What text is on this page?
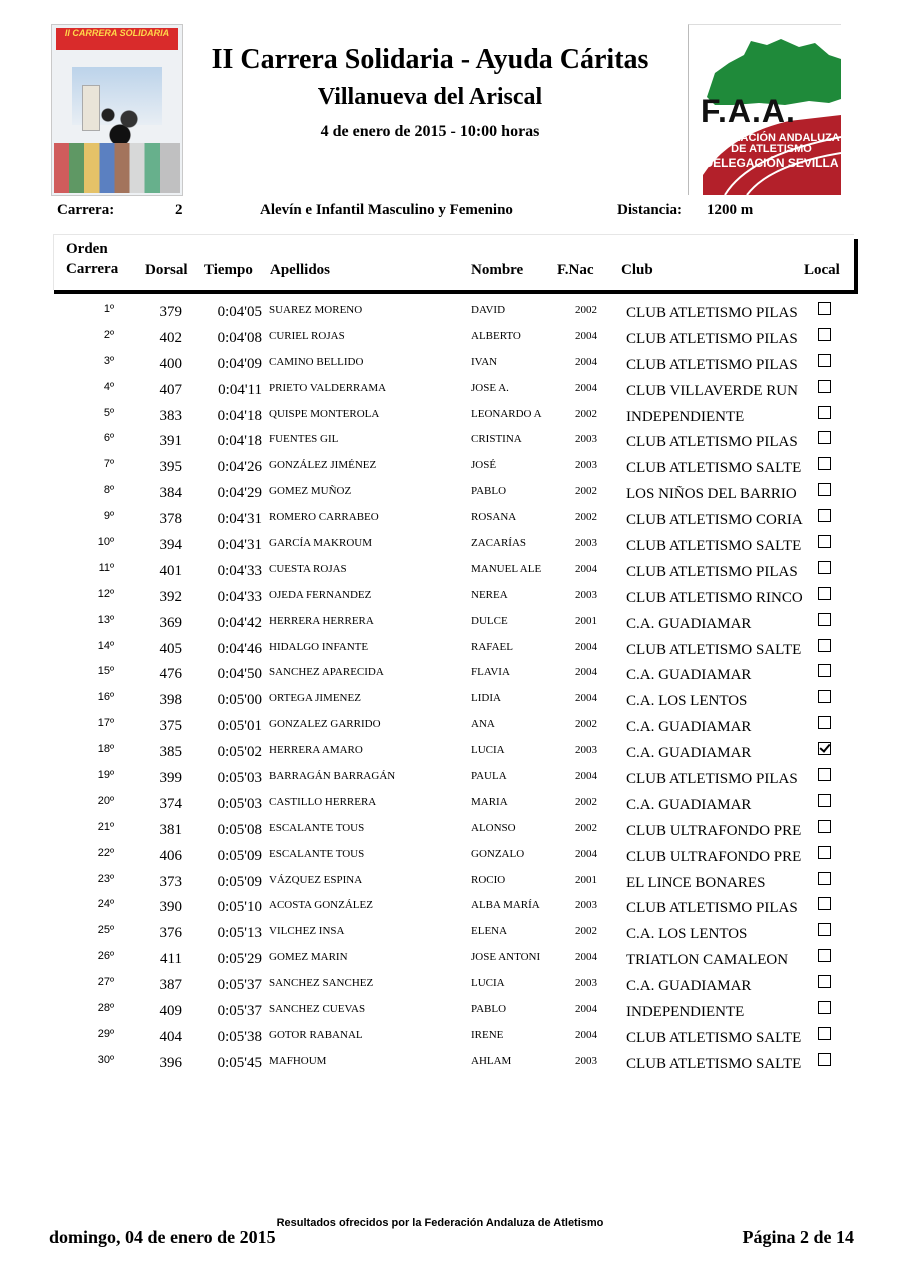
II CARRERA SOLIDARIA
II Carrera Solidaria - Ayuda Cáritas
Villanueva del Ariscal
4 de enero de 2015 - 10:00 horas
F.A.A.
FEDERACIÓN ANDALUZA DE ATLETISMO
DELEGACIÓN SEVILLA
Carrera:	2	Alevín e Infantil Masculino y Femenino	Distancia: 1200 m
Orden
Carrera Dorsal Tiempo Apellidos	Nombre F.Nac Club	Local
1º	379	0:04'05 SUAREZ MORENO	DAVID	2002	CLUB ATLETISMO PILAS
2º	402	0:04'08 CURIEL ROJAS	ALBERTO	2004	CLUB ATLETISMO PILAS
3º	400	0:04'09 CAMINO BELLIDO	IVAN	2004	CLUB ATLETISMO PILAS
4º	407	0:04'11 PRIETO VALDERRAMA	JOSE A.	2004	CLUB VILLAVERDE RUN
5º	383	0:04'18 QUISPE MONTEROLA	LEONARDO A	2002	INDEPENDIENTE
6º	391	0:04'18 FUENTES GIL	CRISTINA	2003	CLUB ATLETISMO PILAS
7º	395	0:04'26 GONZÁLEZ JIMÉNEZ	JOSÉ	2003	CLUB ATLETISMO SALTE
8º	384	0:04'29 GOMEZ MUÑOZ	PABLO	2002	LOS NIÑOS DEL BARRIO
9º	378	0:04'31 ROMERO CARRABEO	ROSANA	2002	CLUB ATLETISMO CORIA
10º	394	0:04'31 GARCÍA MAKROUM	ZACARÍAS	2003	CLUB ATLETISMO SALTE
11º	401	0:04'33 CUESTA ROJAS	MANUEL ALE	2004	CLUB ATLETISMO PILAS
12º	392	0:04'33 OJEDA FERNANDEZ	NEREA	2003	CLUB ATLETISMO RINCO
13º	369	0:04'42 HERRERA HERRERA	DULCE	2001	C.A. GUADIAMAR
14º	405	0:04'46 HIDALGO INFANTE	RAFAEL	2004	CLUB ATLETISMO SALTE
15º	476	0:04'50 SANCHEZ APARECIDA	FLAVIA	2004	C.A. GUADIAMAR
16º	398	0:05'00 ORTEGA JIMENEZ	LIDIA	2004	C.A. LOS LENTOS
17º	375	0:05'01 GONZALEZ GARRIDO	ANA	2002	C.A. GUADIAMAR
18º	385	0:05'02 HERRERA AMARO	LUCIA	2003	C.A. GUADIAMAR
19º	399	0:05'03 BARRAGÁN BARRAGÁN	PAULA	2004	CLUB ATLETISMO PILAS
20º	374	0:05'03 CASTILLO HERRERA	MARIA	2002	C.A. GUADIAMAR
21º	381	0:05'08 ESCALANTE TOUS	ALONSO	2002	CLUB ULTRAFONDO PRE
22º	406	0:05'09 ESCALANTE TOUS	GONZALO	2004	CLUB ULTRAFONDO PRE
23º	373	0:05'09 VÁZQUEZ ESPINA	ROCIO	2001	EL LINCE BONARES
24º	390	0:05'10 ACOSTA GONZÁLEZ	ALBA MARÍA	2003	CLUB ATLETISMO PILAS
25º	376	0:05'13 VILCHEZ INSA	ELENA	2002	C.A. LOS LENTOS
26º	411	0:05'29 GOMEZ MARIN	JOSE ANTONI	2004	TRIATLON CAMALEON
27º	387	0:05'37 SANCHEZ SANCHEZ	LUCIA	2003	C.A. GUADIAMAR
28º	409	0:05'37 SANCHEZ CUEVAS	PABLO	2004	INDEPENDIENTE
29º	404	0:05'38 GOTOR RABANAL	IRENE	2004	CLUB ATLETISMO SALTE
30º	396	0:05'45 MAFHOUM	AHLAM	2003	CLUB ATLETISMO SALTE
Resultados ofrecidos por la Federación Andaluza de Atletismo
domingo, 04 de enero de 2015	Página 2 de 14
